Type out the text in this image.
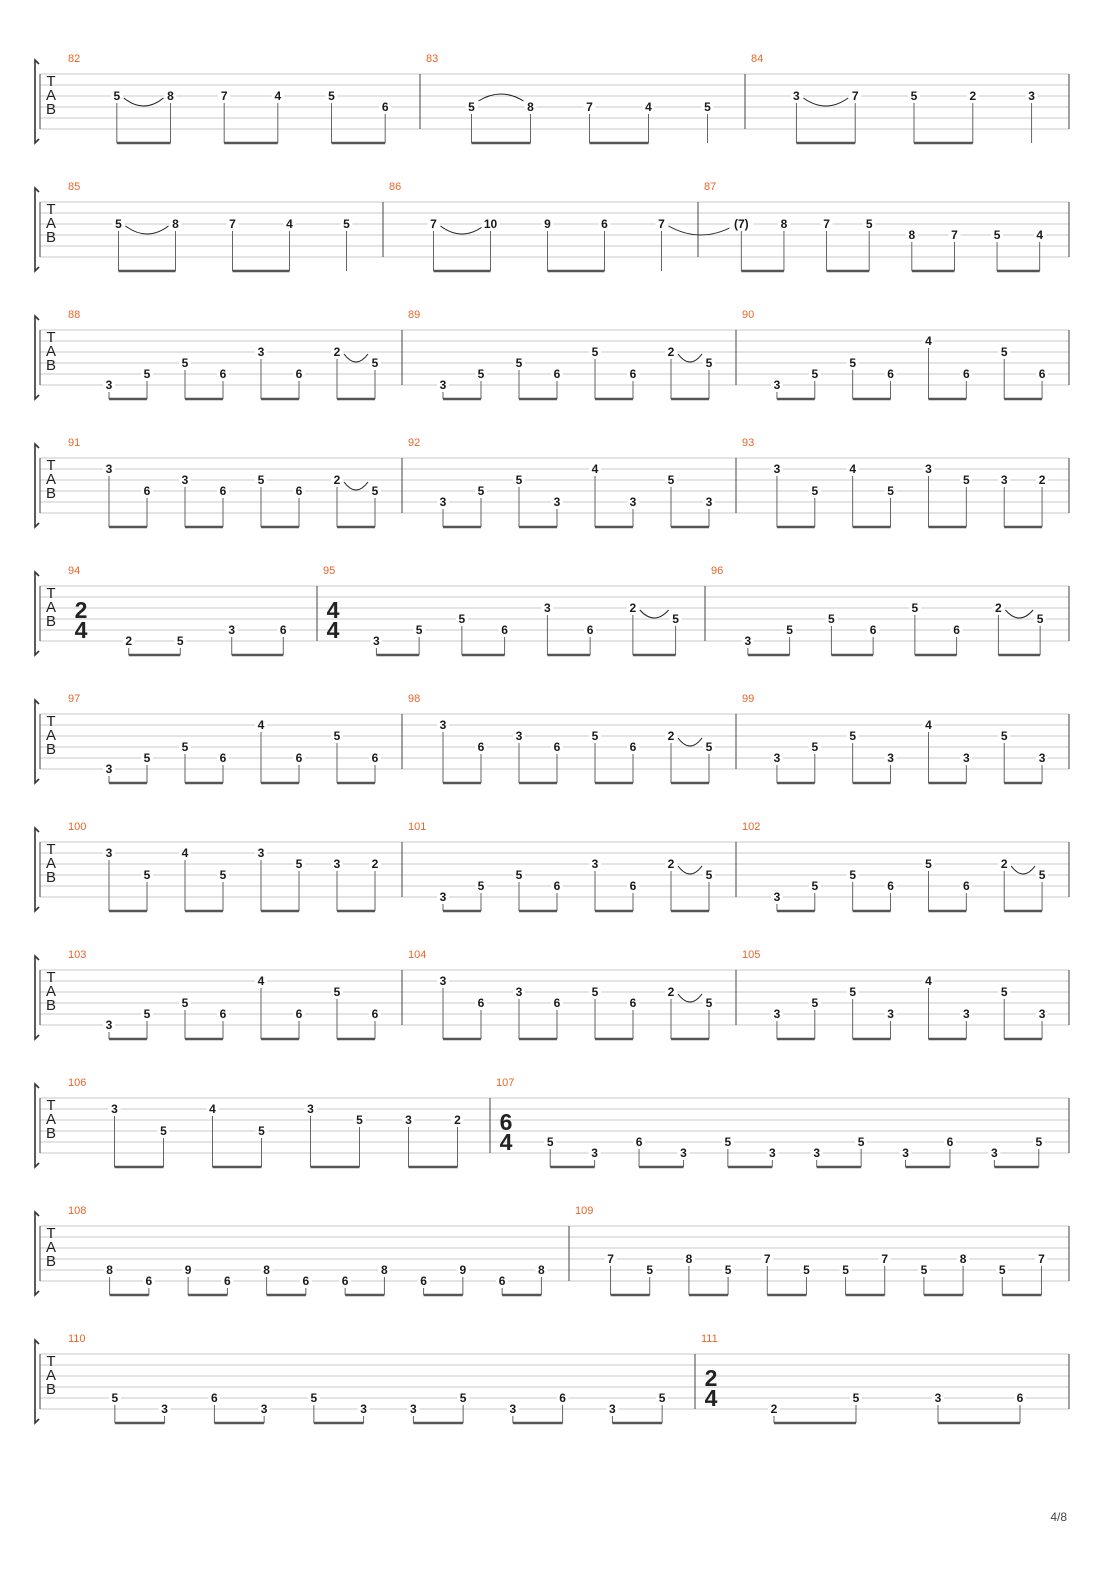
T
A
B
82
5	8	7	4	5
6
83
5	8	7	4	5
84
3	7	5	2	3
T
A
B
85
5	8	7	4	5
86
7	10	9	6	7
87
(7)	8	7	5
8	7	5	4
T
A
B
88
3
5
5
6
3
6
2
5
89
3
5
5
6
5
6
2
5
90
3
5
5
6
4
6
5
6
T
A
B
91
3
6
3
6
5
6
2
5
92
3
5
5
3
4
3
5
3
93
3
5
4
5
3
5	3	2
T
A
B
94
2
4	2	5
3	6
95
4
4	3
5
5
6
3
6
2
5
96
3
5
5
6
5
6
2
5
T
A
B
97
3
5
5
6
4
6
5
6
98
3
6
3
6
5
6
2
5
99
3
5
5
3
4
3
5
3
T
A
B
100
3
5
4
5
3
5	3	2
101
3
5
5
6
3
6
2
5
102
3
5
5
6
5
6
2
5
T
A
B
103
3
5
5
6
4
6
5
6
104
3
6
3
6
5
6
2
5
105
3
5
5
3
4
3
5
3
T
A
B
106
3
5
4
5
3
5	3	2
107
6
4	5
3
6
3
5
3	3
5
3
6
3
5
T
A
B
108
8
6
9
6
8
6	6
8
6
9
6
8
109
7
5
8
5
7
5	5
7
5
8
5
7
T
A
B
110
5
3
6
3
5
3	3
5
3
6
3
5
111
2
4	2
5	3	6
4/8
